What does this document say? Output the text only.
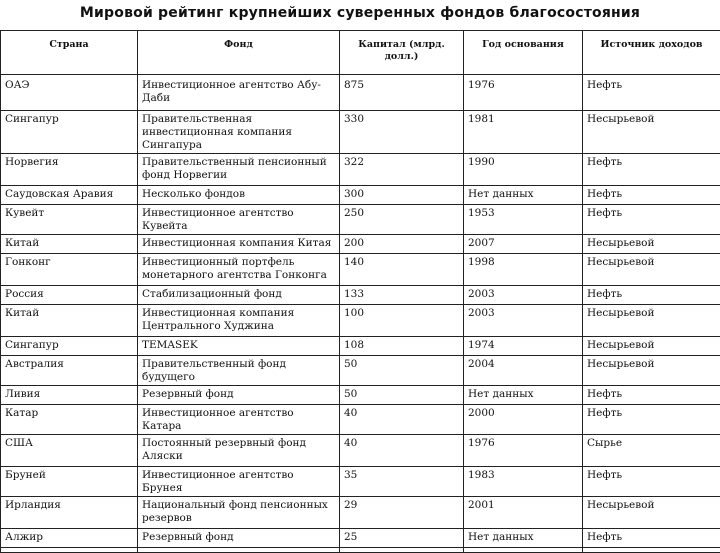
Мировой рейтинг крупнейших суверенных фондов благосостояния
Страна	Фонд	Капитал (млрд. долл.)	Год основания	Источник доходов
ОАЭ	Инвестиционное агентство Абу-Даби	875	1976	Нефть
Сингапур	Правительственная инвестиционная компания Сингапура	330	1981	Несырьевой
Норвегия	Правительственный пенсионный фонд Норвегии	322	1990	Нефть
Саудовская Аравия	Несколько фондов	300	Нет данных	Нефть
Кувейт	Инвестиционное агентство Кувейта	250	1953	Нефть
Китай	Инвестиционная компания Китая	200	2007	Несырьевой
Гонконг	Инвестиционный портфель монетарного агентства Гонконга	140	1998	Несырьевой
Россия	Стабилизационный фонд	133	2003	Нефть
Китай	Инвестиционная компания Центрального Худжина	100	2003	Несырьевой
Сингапур	TEMASEK	108	1974	Несырьевой
Австралия	Правительственный фонд будущего	50	2004	Несырьевой
Ливия	Резервный фонд	50	Нет данных	Нефть
Катар	Инвестиционное агентство Катара	40	2000	Нефть
США	Постоянный резервный фонд Аляски	40	1976	Сырье
Бруней	Инвестиционное агентство Брунея	35	1983	Нефть
Ирландия	Национальный фонд пенсионных резервов	29	2001	Несырьевой
Алжир	Резервный фонд	25	Нет данных	Нефть
